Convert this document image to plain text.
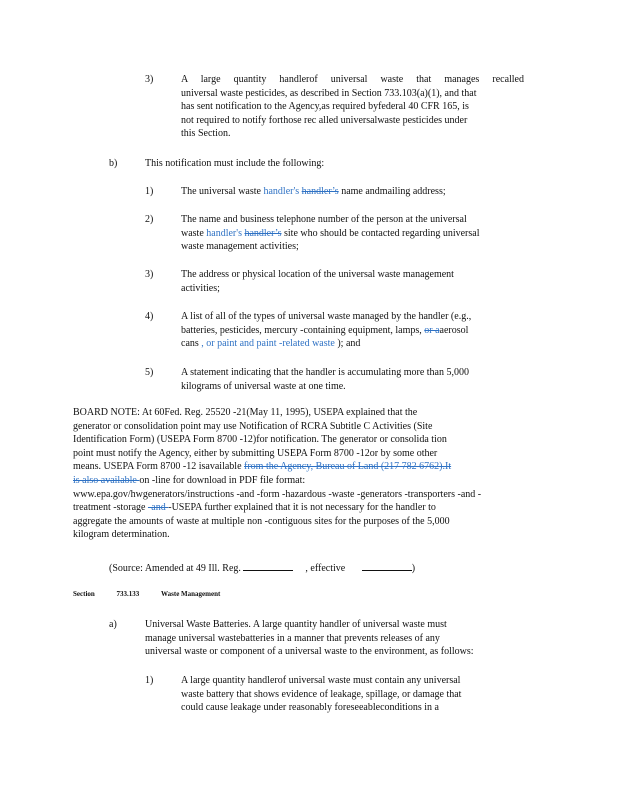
3)	A large quantity handlerof universal waste that manages recalled
universal waste pesticides, as described in Section 733.103(a)(1), and that
has sent notification to the Agency,as required byfederal 40 CFR 165, is
not required to notify forthose rec alled universalwaste pesticides under
this Section.
b)	This notification must include the following:
1)	The universal waste handler's handler’s name andmailing address;
2)	The name and business telephone number of the person at the universal
waste handler's handler’s site who should be contacted regarding universal
waste management activities;
3)	The address or physical location of the universal waste management
activities;
4)	A list of all of the types of universal waste managed by the handler (e.g.,
batteries, pesticides, mercury -containing equipment, lamps, or aaerosol
cans , or paint and paint -related waste ); and
5)	A statement indicating that the handler is accumulating more than 5,000
kilograms of universal waste at one time.
BOARD NOTE: At 60Fed. Reg. 25520 -21(May 11, 1995), USEPA explained that the
generator or consolidation point may use Notification of RCRA Subtitle C Activities (Site
Identification Form) (USEPA Form 8700 -12)for notification. The generator or consolida tion
point must notify the Agency, either by submitting USEPA Form 8700 -12or by some other
means. USEPA Form 8700 -12 isavailable from the Agency, Bureau of Land (217 782 6762).It
is also available on -line for download in PDF file format:
www.epa.gov/hwgenerators/instructions -and -form -hazardous -waste -generators -transporters -and -
treatment -storage -and -USEPA further explained that it is not necessary for the handler to
aggregate the amounts of waste at multiple non -contiguous sites for the purposes of the 5,000
kilogram determination.
(Source: Amended at 49 Ill. Reg.	, effective	)
Section	733.133	Waste Management
a)	Universal Waste Batteries. A large quantity handler of universal waste must
manage universal wastebatteries in a manner that prevents releases of any
universal waste or component of a universal waste to the environment, as follows:
1)	A large quantity handlerof universal waste must contain any universal
waste battery that shows evidence of leakage, spillage, or damage that
could cause leakage under reasonably foreseeableconditions in a
